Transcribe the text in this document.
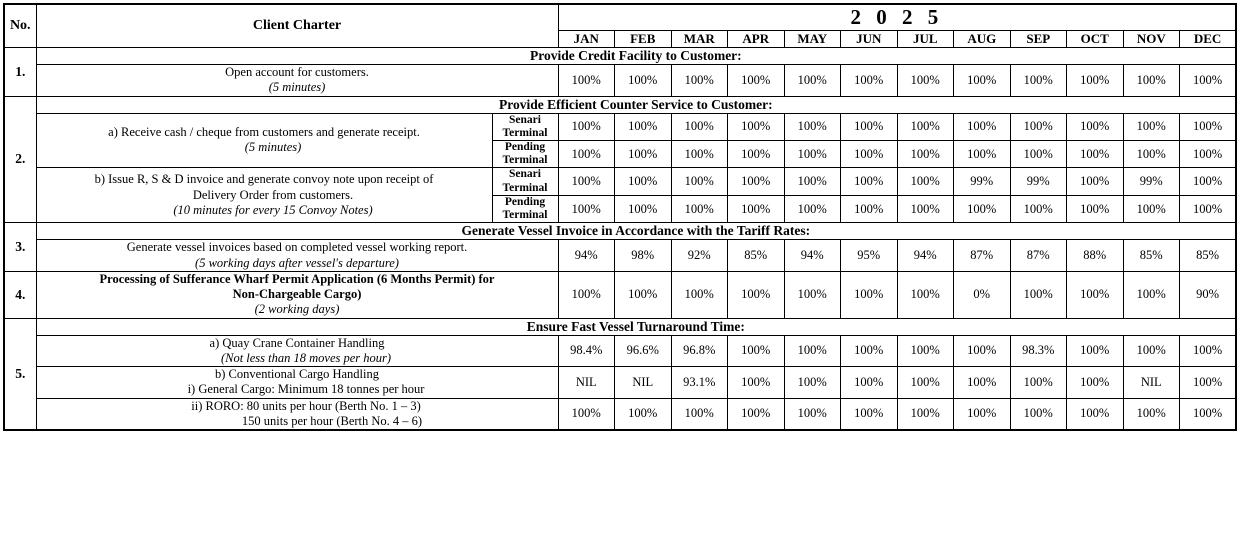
No.	Client Charter		2 0 2 5											
			JAN	FEB	MAR	APR	MAY	JUN	JUL	AUG	SEP	OCT	NOV	DEC
1.	Provide Credit Facility to Customer:													

	Open account for customers.
(5 minutes)		100%	100%	100%	100%	100%	100%	100%	100%	100%	100%	100%	100%
2.	Provide Efficient Counter Service to Customer:													

	a) Receive cash / cheque from customers and generate receipt.
(5 minutes)	Senari
Terminal	100%	100%	100%	100%	100%	100%	100%	100%	100%	100%	100%	100%
		Pending
Terminal	100%	100%	100%	100%	100%	100%	100%	100%	100%	100%	100%	100%

	b) Issue R, S & D invoice and generate convoy note upon receipt of
Delivery Order from customers.
(10 minutes for every 15 Convoy Notes)	Senari
Terminal	100%	100%	100%	100%	100%	100%	100%	99%	99%	100%	99%	100%
		Pending
Terminal	100%	100%	100%	100%	100%	100%	100%	100%	100%	100%	100%	100%
3.	Generate Vessel Invoice in Accordance with the Tariff Rates:													

	Generate vessel invoices based on completed vessel working report.
(5 working days after vessel's departure)		94%	98%	92%	85%	94%	95%	94%	87%	87%	88%	85%	85%
4.	Processing of Sufferance Wharf Permit Application (6 Months Permit) for
Non-Chargeable Cargo)
(2 working days)		100%	100%	100%	100%	100%	100%	100%	0%	100%	100%	100%	90%
5.	Ensure Fast Vessel Turnaround Time:													

	a) Quay Crane Container Handling
(Not less than 18 moves per hour)		98.4%	96.6%	96.8%	100%	100%	100%	100%	100%	98.3%	100%	100%	100%

	b) Conventional Cargo Handling
i) General Cargo: Minimum 18 tonnes per hour		NIL	NIL	93.1%	100%	100%	100%	100%	100%	100%	100%	NIL	100%

	ii) RORO: 80 units per hour (Berth No. 1 – 3)
150 units per hour (Berth No. 4 – 6)		100%	100%	100%	100%	100%	100%	100%	100%	100%	100%	100%	100%
